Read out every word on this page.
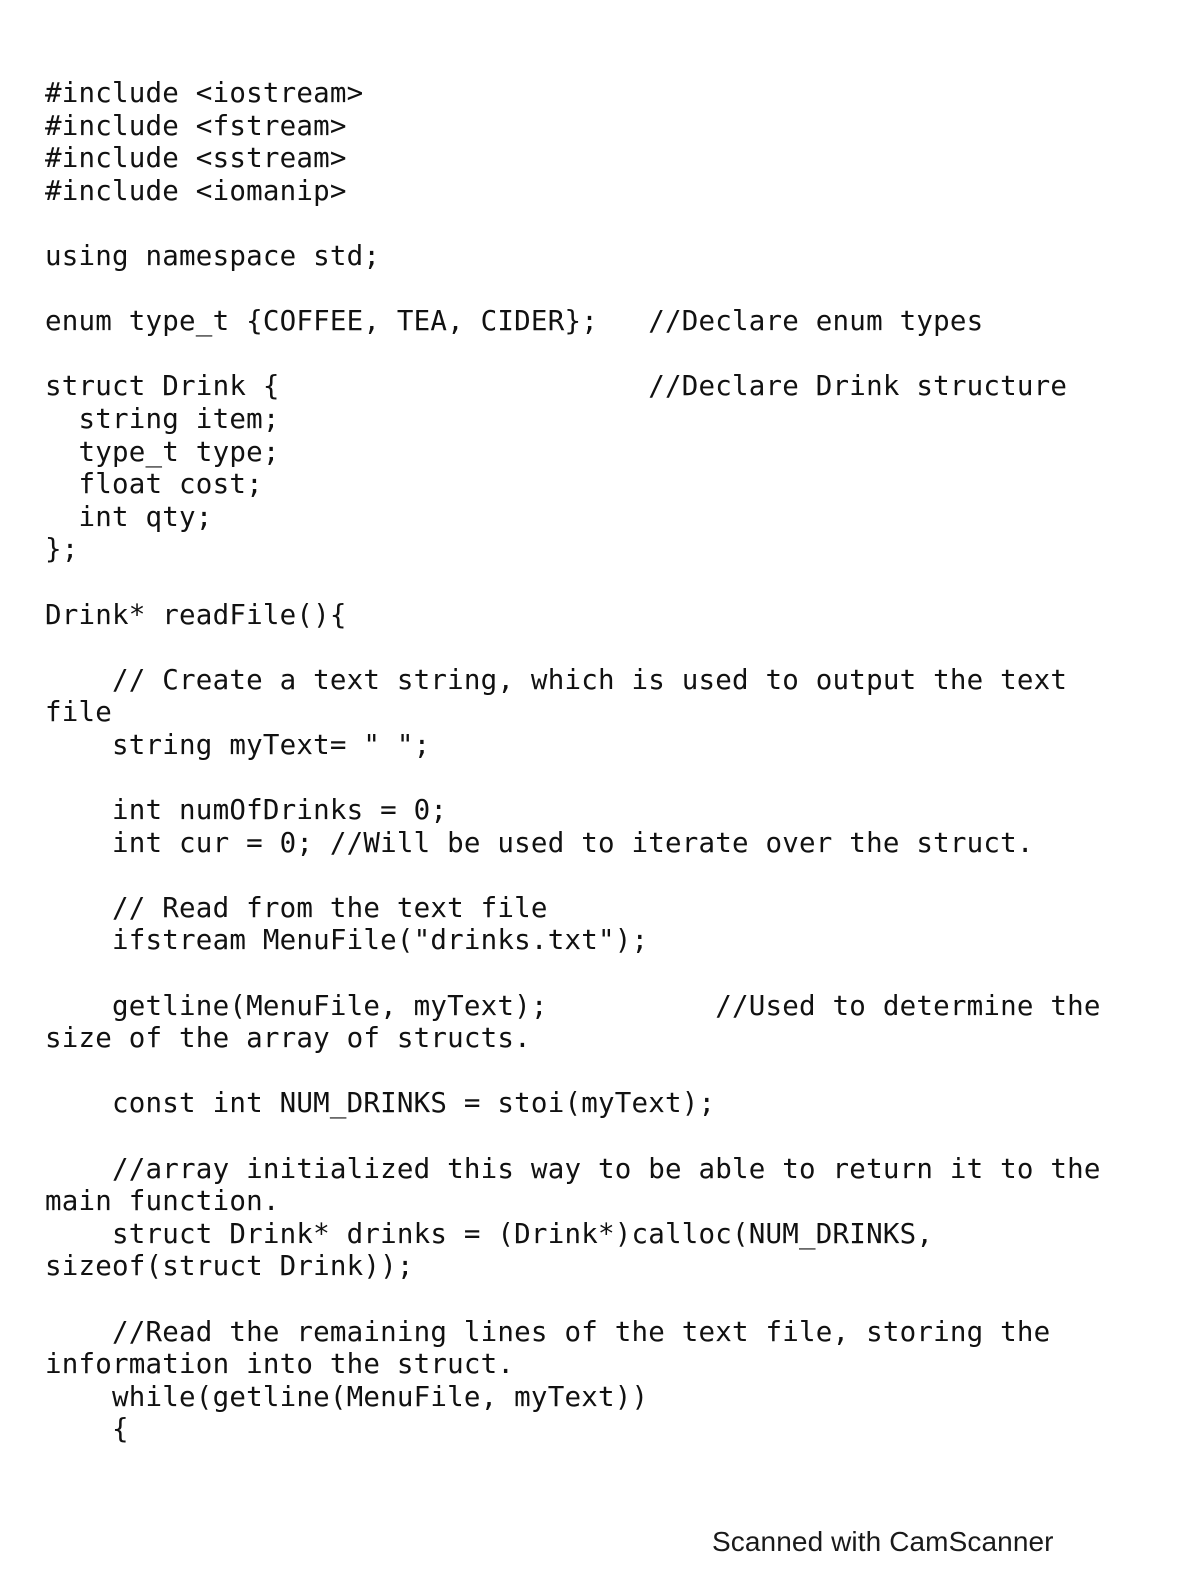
#include <iostream>
#include <fstream>
#include <sstream>
#include <iomanip>

using namespace std;

enum type_t {COFFEE, TEA, CIDER};   //Declare enum types

struct Drink {                      //Declare Drink structure
string item;
type_t type;
float cost;
int qty;
};

Drink* readFile(){

// Create a text string, which is used to output the text
file
string myText= " ";

int numOfDrinks = 0;
int cur = 0; //Will be used to iterate over the struct.

// Read from the text file
ifstream MenuFile("drinks.txt");

getline(MenuFile, myText);          //Used to determine the
size of the array of structs.

const int NUM_DRINKS = stoi(myText);

//array initialized this way to be able to return it to the
main function.
struct Drink* drinks = (Drink*)calloc(NUM_DRINKS,
sizeof(struct Drink));

//Read the remaining lines of the text file, storing the
information into the struct.
while(getline(MenuFile, myText))
{
Scanned with CamScanner
